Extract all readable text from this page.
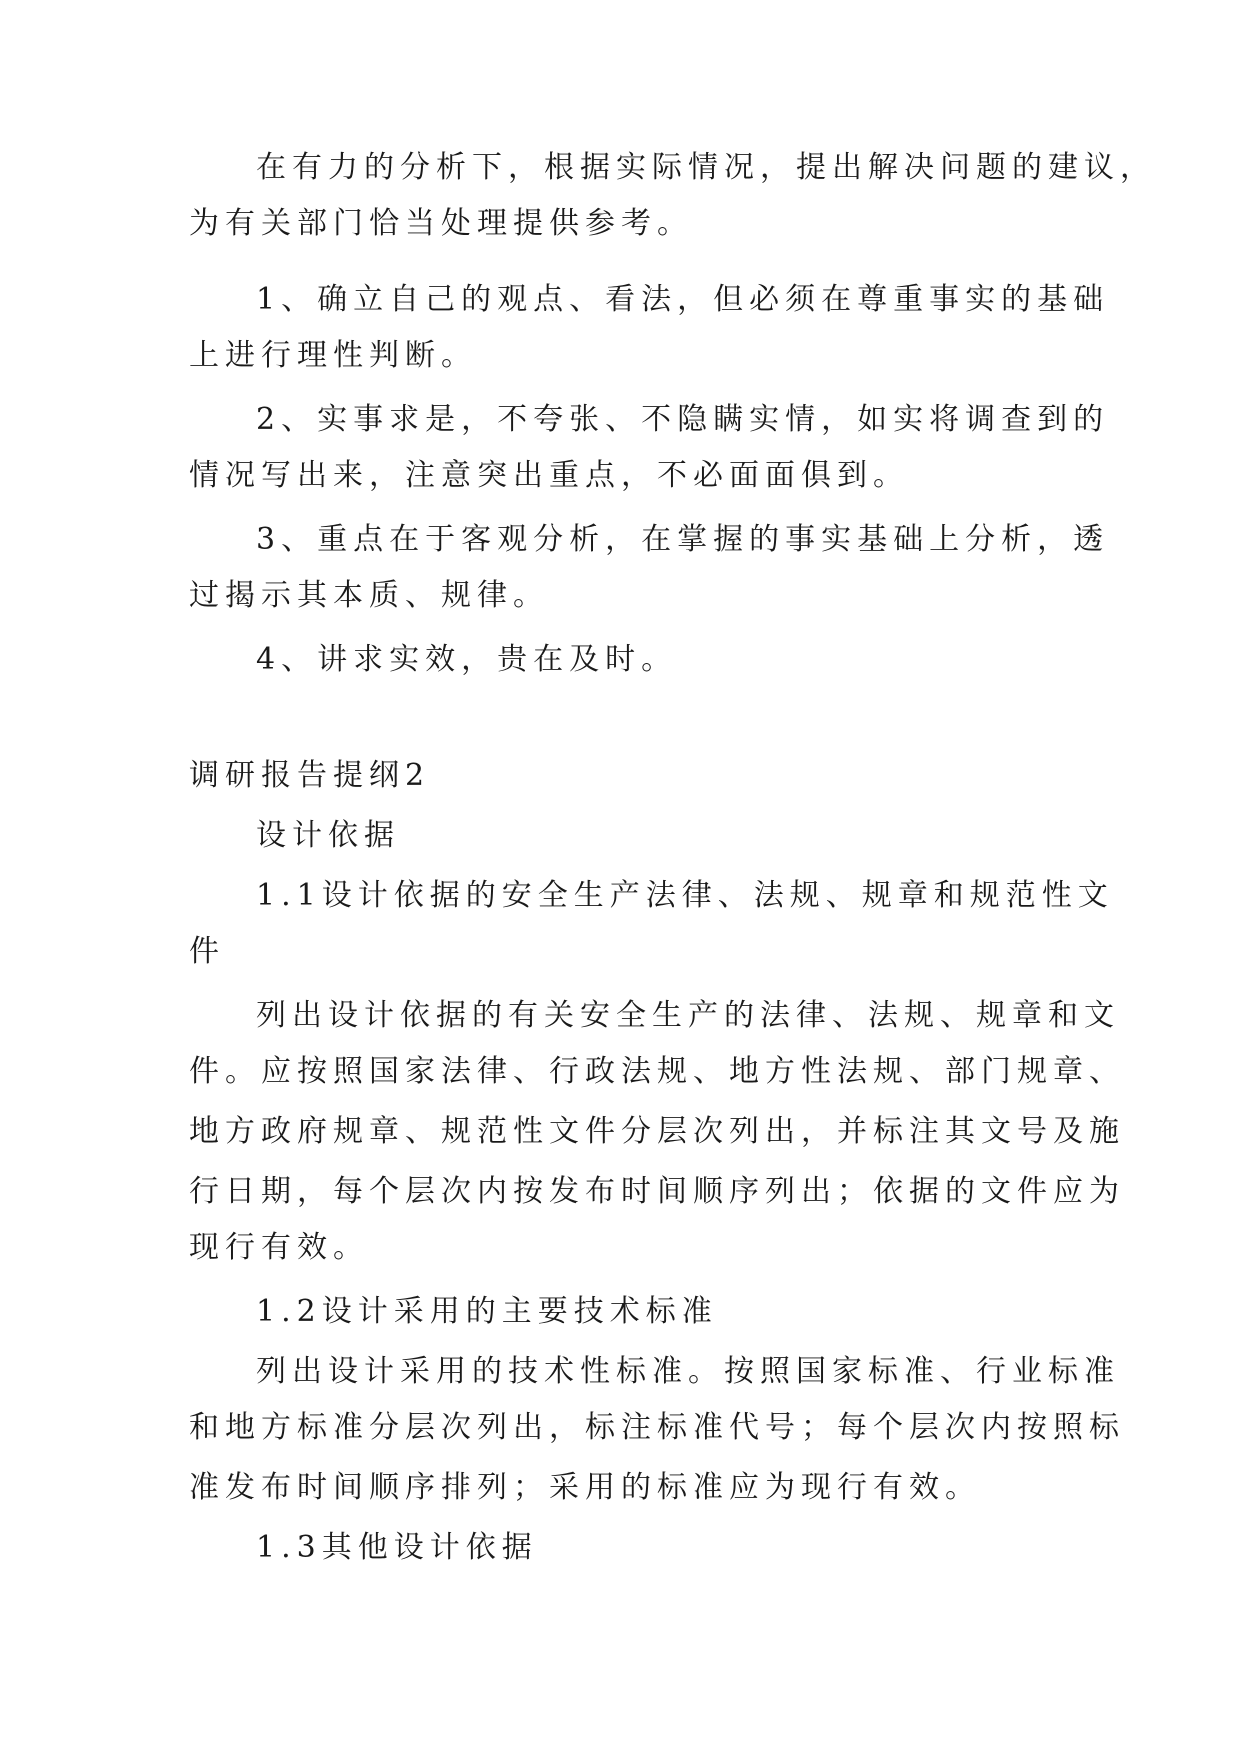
在有力的分析下，根据实际情况，提出解决问题的建议，
为有关部门恰当处理提供参考。
1、确立自己的观点、看法，但必须在尊重事实的基础
上进行理性判断。
2、实事求是，不夸张、不隐瞒实情，如实将调查到的
情况写出来，注意突出重点，不必面面俱到。
3、重点在于客观分析，在掌握的事实基础上分析，透
过揭示其本质、规律。
4、讲求实效，贵在及时。
调研报告提纲2
设计依据
1.1设计依据的安全生产法律、法规、规章和规范性文
件
列出设计依据的有关安全生产的法律、法规、规章和文
件。应按照国家法律、行政法规、地方性法规、部门规章、
地方政府规章、规范性文件分层次列出，并标注其文号及施
行日期，每个层次内按发布时间顺序列出；依据的文件应为
现行有效。
1.2设计采用的主要技术标准
列出设计采用的技术性标准。按照国家标准、行业标准
和地方标准分层次列出，标注标准代号；每个层次内按照标
准发布时间顺序排列；采用的标准应为现行有效。
1.3其他设计依据
